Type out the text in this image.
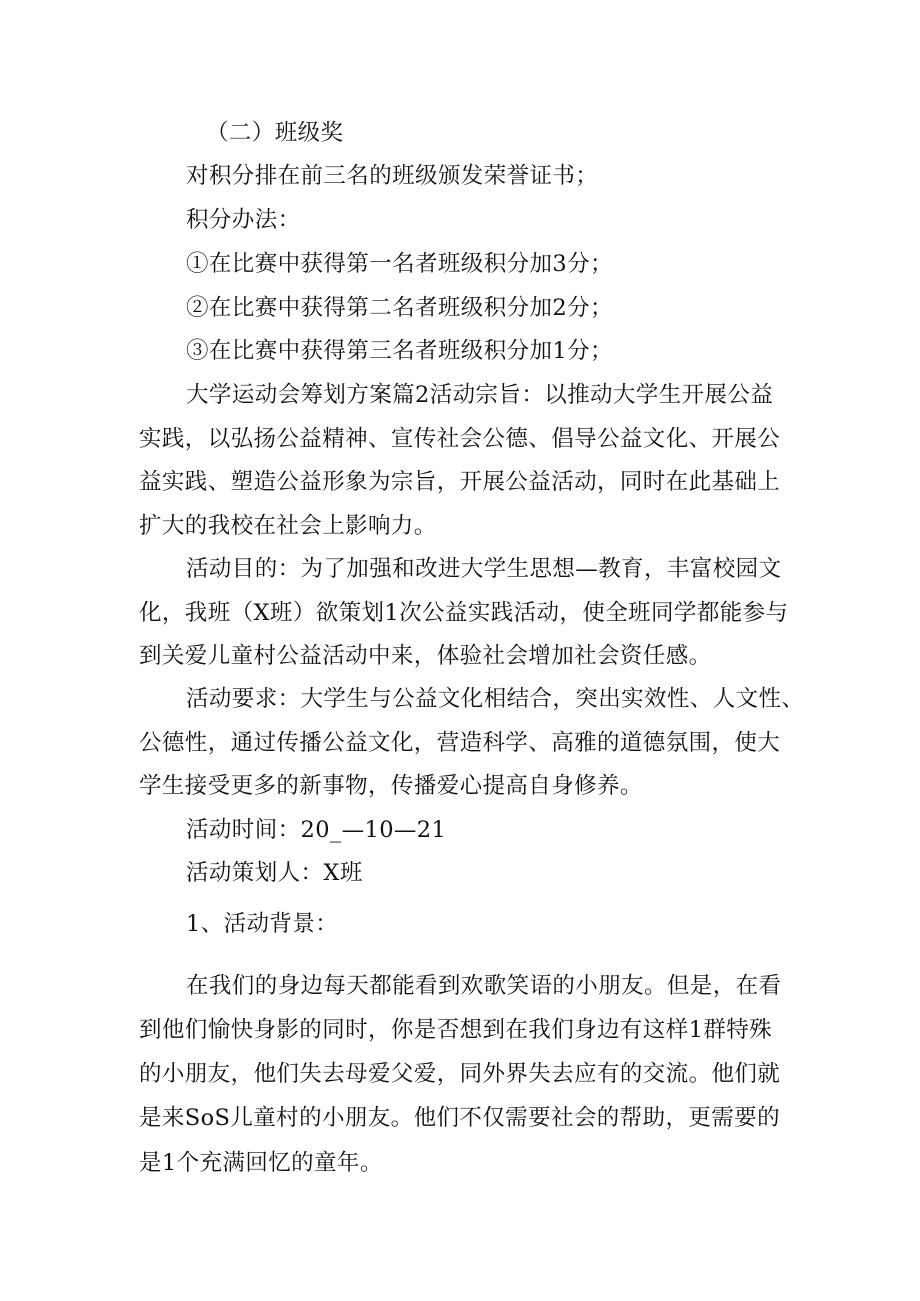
（二）班级奖
对积分排在前三名的班级颁发荣誉证书；
积分办法：
①在比赛中获得第一名者班级积分加3分；
②在比赛中获得第二名者班级积分加2分；
③在比赛中获得第三名者班级积分加1分；
大学运动会筹划方案篇2活动宗旨：以推动大学生开展公益
实践，以弘扬公益精神、宣传社会公德、倡导公益文化、开展公
益实践、塑造公益形象为宗旨，开展公益活动，同时在此基础上
扩大的我校在社会上影响力。
活动目的：为了加强和改进大学生思想—教育，丰富校园文
化，我班（X班）欲策划1次公益实践活动，使全班同学都能参与
到关爱儿童村公益活动中来，体验社会增加社会资任感。
活动要求：大学生与公益文化相结合，突出实效性、人文性、
公德性，通过传播公益文化，营造科学、高雅的道德氛围，使大
学生接受更多的新事物，传播爱心提高自身修养。
活动时间：20_—10—21
活动策划人：X班
1、活动背景：
在我们的身边每天都能看到欢歌笑语的小朋友。但是，在看
到他们愉快身影的同时，你是否想到在我们身边有这样1群特殊
的小朋友，他们失去母爱父爱，同外界失去应有的交流。他们就
是来SoS儿童村的小朋友。他们不仅需要社会的帮助，更需要的
是1个充满回忆的童年。
